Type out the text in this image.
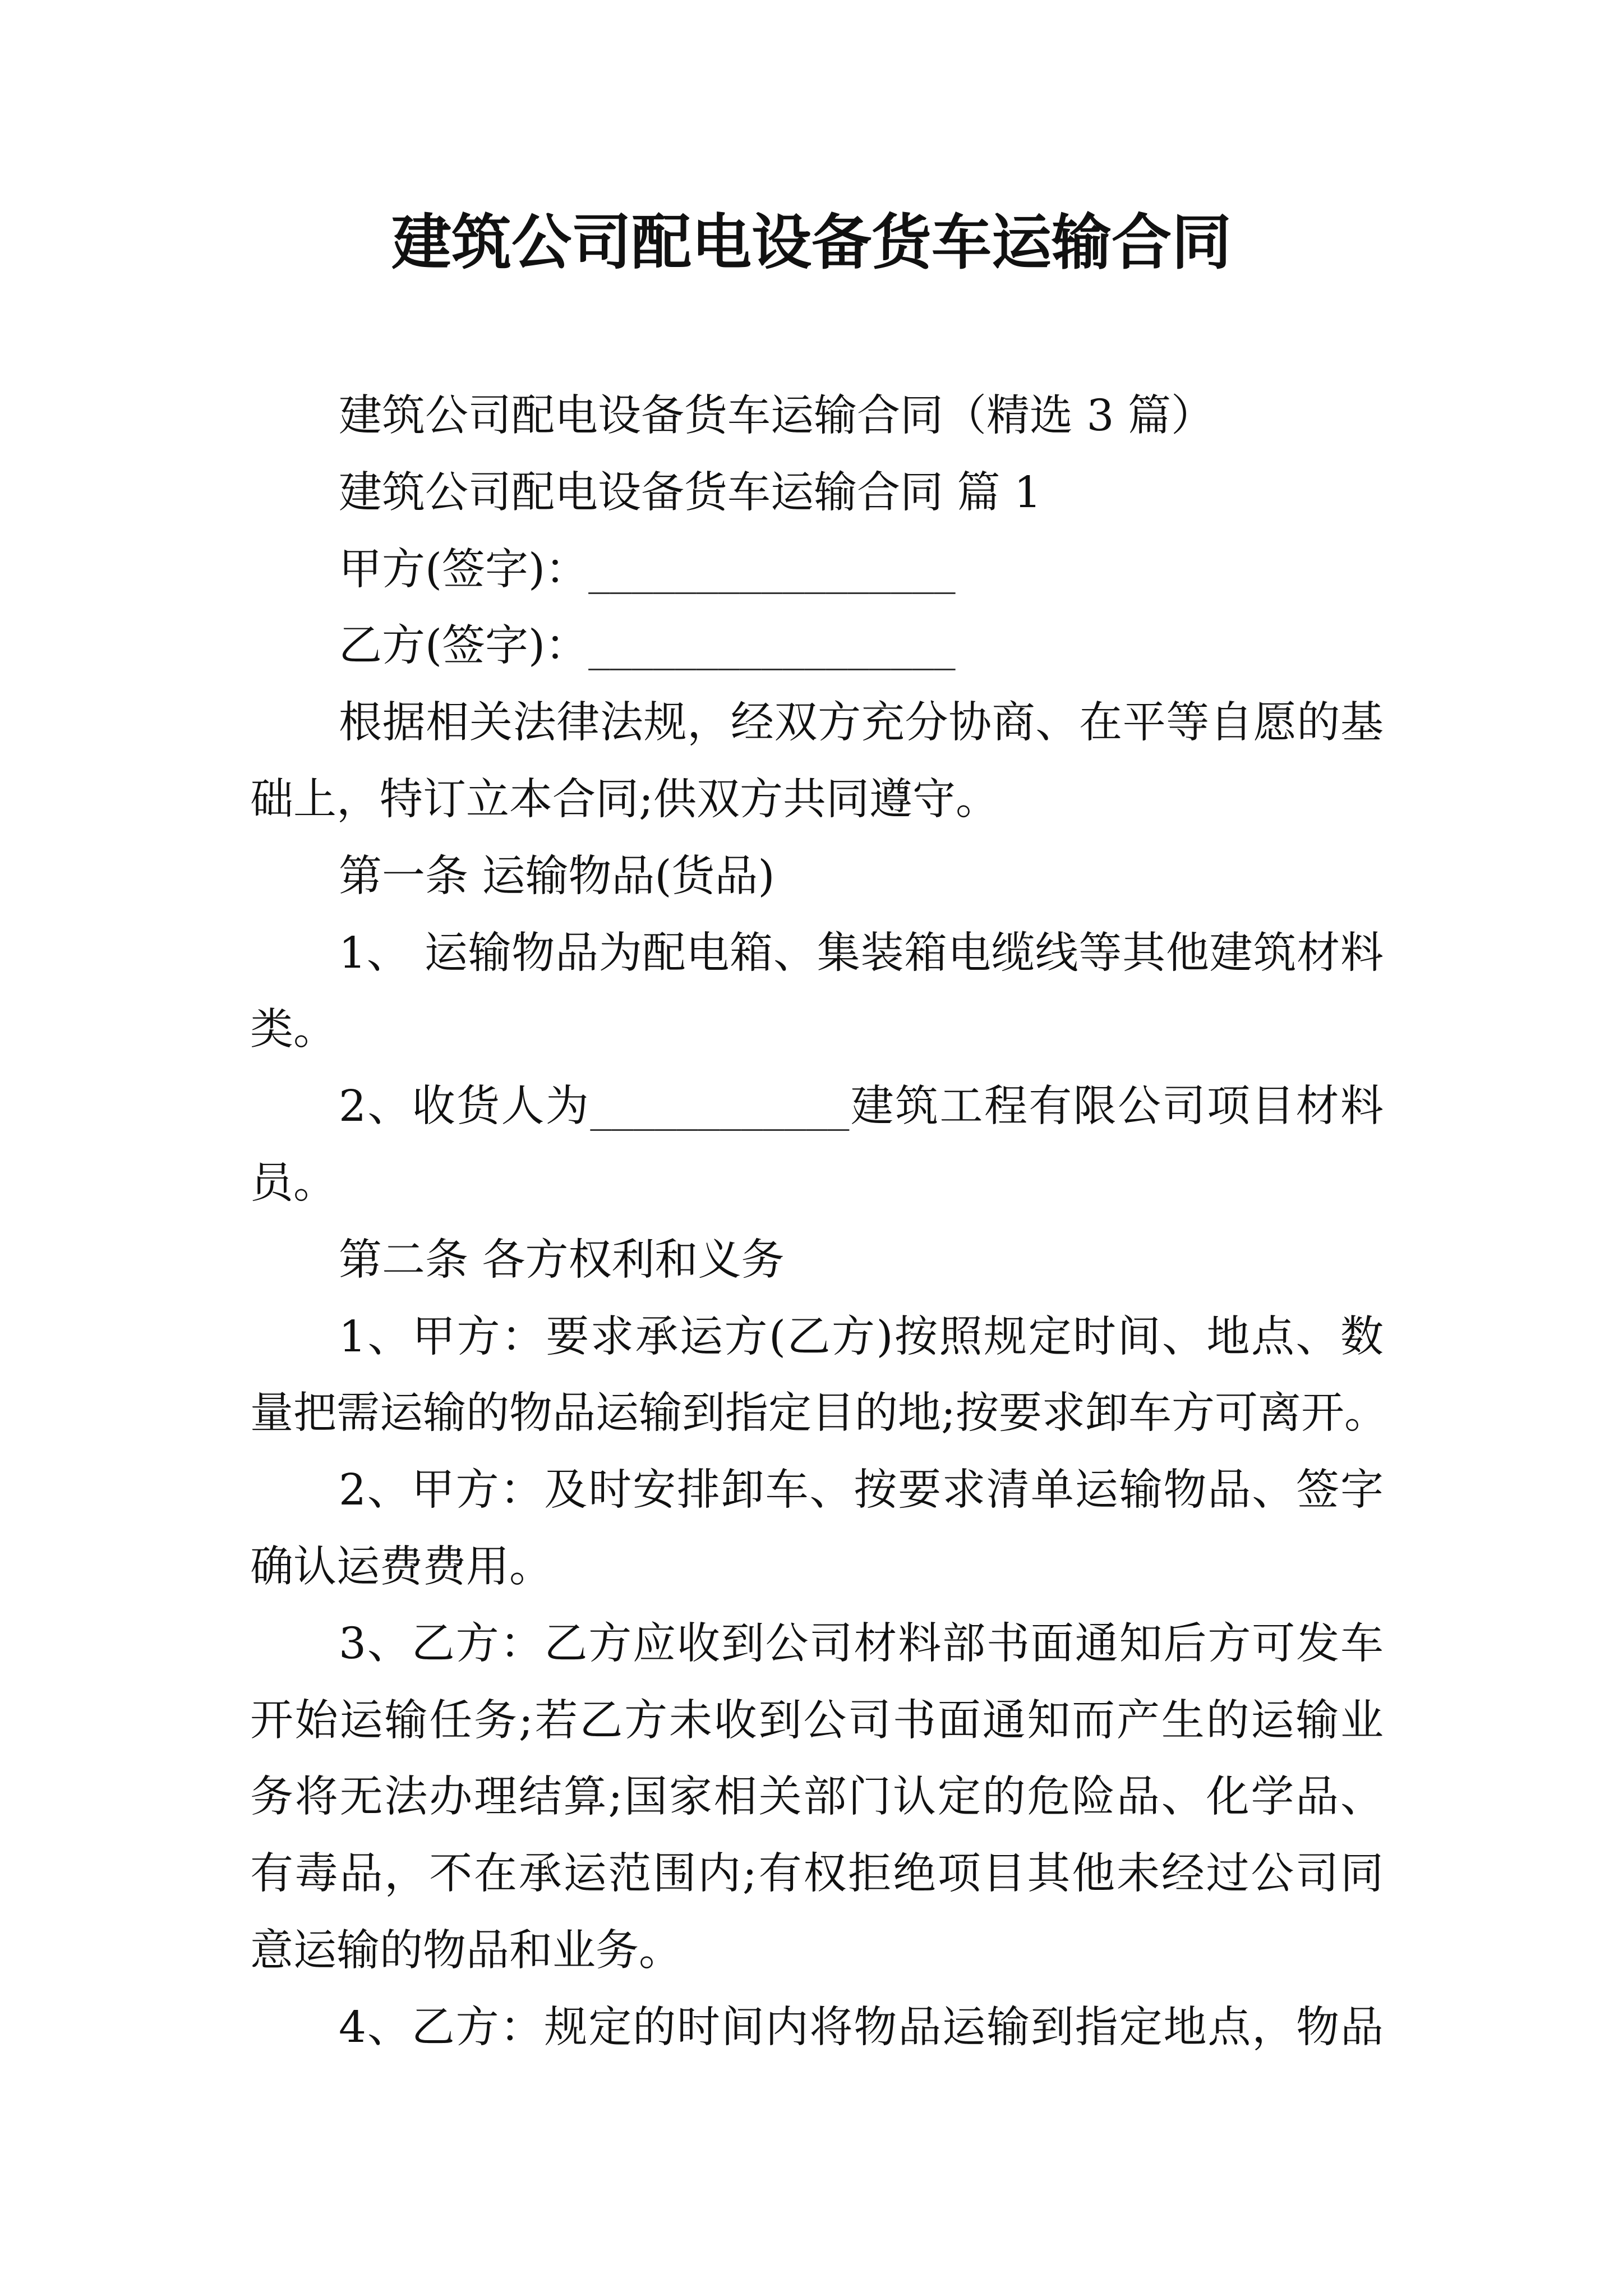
建筑公司配电设备货车运输合同
建筑公司配电设备货车运输合同（精选 3 篇）
建筑公司配电设备货车运输合同 篇 1
甲方(签字)：_________________
乙方(签字)：_________________
根据相关法律法规，经双方充分协商、在平等自愿的基
础上，特订立本合同;供双方共同遵守。
第一条 运输物品(货品)
1、 运输物品为配电箱、集装箱电缆线等其他建筑材料
类。
2、收货人为____________建筑工程有限公司项目材料
员。
第二条 各方权利和义务
1、甲方：要求承运方(乙方)按照规定时间、地点、数
量把需运输的物品运输到指定目的地;按要求卸车方可离开。
2、甲方：及时安排卸车、按要求清单运输物品、签字
确认运费费用。
3、乙方：乙方应收到公司材料部书面通知后方可发车
开始运输任务;若乙方未收到公司书面通知而产生的运输业
务将无法办理结算;国家相关部门认定的危险品、化学品、
有毒品，不在承运范围内;有权拒绝项目其他未经过公司同
意运输的物品和业务。
4、乙方：规定的时间内将物品运输到指定地点，物品
